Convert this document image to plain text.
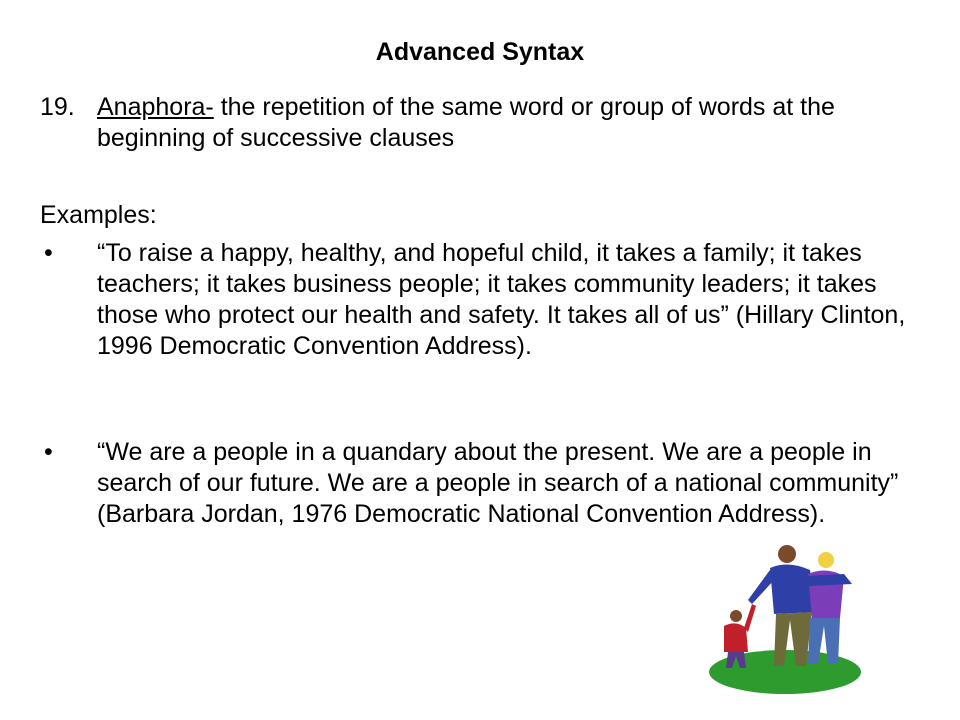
Advanced Syntax
19. Anaphora- the repetition of the same word or group of words at the beginning of successive clauses
Examples:
• “To raise a happy, healthy, and hopeful child, it takes a family; it takes teachers; it takes business people; it takes community leaders; it takes those who protect our health and safety. It takes all of us” (Hillary Clinton, 1996 Democratic Convention Address).
• “We are a people in a quandary about the present. We are a people in search of our future. We are a people in search of a national community” (Barbara Jordan, 1976 Democratic National Convention Address).
